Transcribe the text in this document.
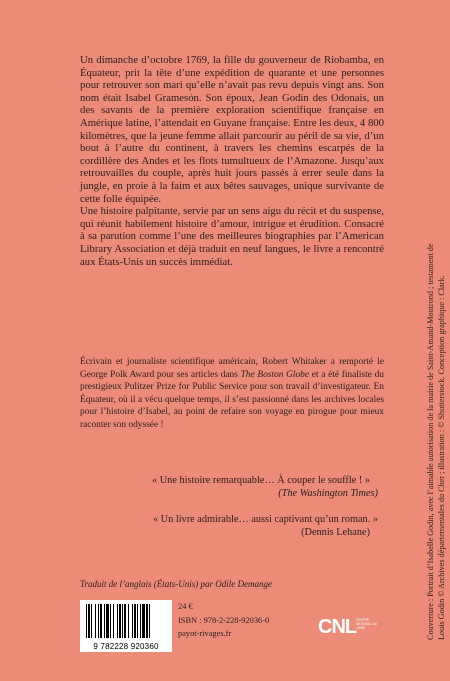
Un dimanche d’octobre 1769, la fille du gouverneur de Riobamba, en Équateur, prit la tête d’une expédition de quarante et une personnes pour retrouver son mari qu’elle n’avait pas revu depuis vingt ans. Son nom était Isabel Gramesón. Son époux, Jean Godin des Odonais, un des savants de la première exploration scientifique française en Amérique latine, l’attendait en Guyane française. Entre les deux, 4 800 kilomètres, que la jeune femme allait parcourir au péril de sa vie, d’un bout à l’autre du continent, à travers les chemins escarpés de la cordillère des Andes et les flots tumultueux de l’Amazone. Jusqu’aux retrouvailles du couple, après huit jours passés à errer seule dans la jungle, en proie à la faim et aux bêtes sauvages, unique survivante de cette folle équipée.

Une histoire palpitante, servie par un sens aigu du récit et du suspense, qui réunit habilement histoire d’amour, intrigue et érudition. Consacré à sa parution comme l’une des meilleures biographies par l’American Library Association et déjà traduit en neuf langues, le livre a rencontré aux États-Unis un succès immédiat.

Écrivain et journaliste scientifique américain, Robert Whitaker a remporté le George Polk Award pour ses articles dans The Boston Globe et a été finaliste du prestigieux Pulitzer Prize for Public Service pour son travail d’investigateur. En Équateur, où il a vécu quelque temps, il s’est passionné dans les archives locales pour l’histoire d’Isabel, au point de refaire son voyage en pirogue pour mieux raconter son odyssée !
« Une histoire remarquable… À couper le souffle ! »
(The Washington Times)
« Un livre admirable… aussi captivant qu’un roman. »
(Dennis Lehane)
Traduit de l’anglais (États-Unis) par Odile Demange
9 782228 920360
24 €
ISBN : 978-2-228-92036-0
payot-rivages.fr	CNL CENTRE NATIONAL DU LIVRE	Couverture : Portrait d’Isabelle Godin, avec l’aimable autorisation de la mairie de Saint-Amand-Montrond ; testament de Louis Godin © Archives départementales du Cher ; illustration : © Shutterstock. Conception graphique : Clark.
